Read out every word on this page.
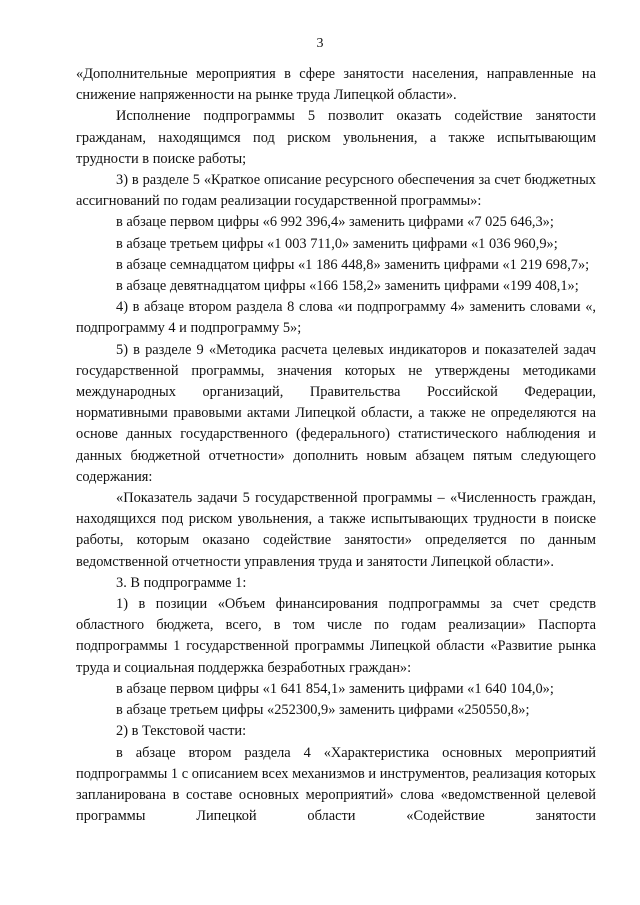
3

«Дополнительные мероприятия в сфере занятости населения, направленные на снижение напряженности на рынке труда Липецкой области».

Исполнение подпрограммы 5 позволит оказать содействие занятости гражданам, находящимся под риском увольнения, а также испытывающим трудности в поиске работы;

3) в разделе 5 «Краткое описание ресурсного обеспечения за счет бюджетных ассигнований по годам реализации государственной программы»:

в абзаце первом цифры «6 992 396,4» заменить цифрами «7 025 646,3»;

в абзаце третьем цифры «1 003 711,0» заменить цифрами «1 036 960,9»;

в абзаце семнадцатом цифры «1 186 448,8» заменить цифрами «1 219 698,7»;

в абзаце девятнадцатом цифры «166 158,2» заменить цифрами «199 408,1»;

4) в абзаце втором раздела 8 слова «и подпрограмму 4» заменить словами «, подпрограмму 4 и подпрограмму 5»;

5) в разделе 9 «Методика расчета целевых индикаторов и показателей задач государственной программы, значения которых не утверждены методиками международных организаций, Правительства Российской Федерации, нормативными правовыми актами Липецкой области, а также не определяются на основе данных государственного (федерального) статистического наблюдения и данных бюджетной отчетности» дополнить новым абзацем пятым следующего содержания:

«Показатель задачи 5 государственной программы – «Численность граждан, находящихся под риском увольнения, а также испытывающих трудности в поиске работы, которым оказано содействие занятости» определяется по данным ведомственной отчетности управления труда и занятости Липецкой области».

3. В подпрограмме 1:

1) в позиции «Объем финансирования подпрограммы за счет средств областного бюджета, всего, в том числе по годам реализации» Паспорта подпрограммы 1 государственной программы Липецкой области «Развитие рынка труда и социальная поддержка безработных граждан»:

в абзаце первом цифры «1 641 854,1» заменить цифрами «1 640 104,0»;

в абзаце третьем цифры «252300,9» заменить цифрами «250550,8»;

2) в Текстовой части:

в абзаце втором раздела 4 «Характеристика основных мероприятий подпрограммы 1 с описанием всех механизмов и инструментов, реализация которых запланирована в составе основных мероприятий» слова «ведомственной целевой программы Липецкой области «Содействие занятости
